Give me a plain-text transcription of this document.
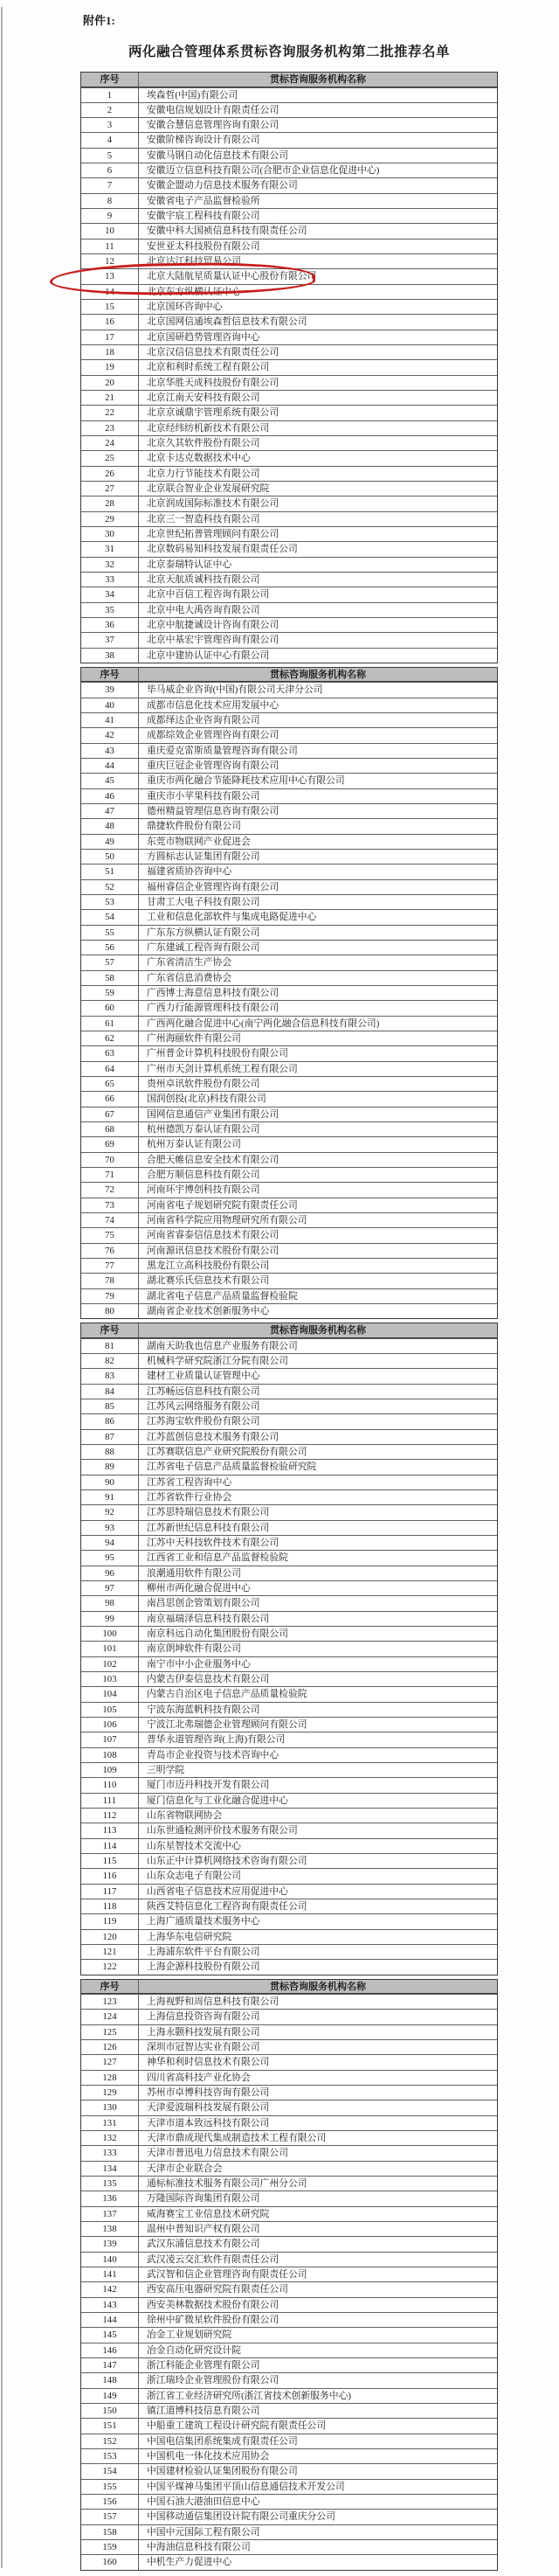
附件1:
两化融合管理体系贯标咨询服务机构第二批推荐名单
序号	贯标咨询服务机构名称
1	埃森哲(中国)有限公司
2	安徽电信规划设计有限责任公司
3	安徽合慧信息管理咨询有限公司
4	安徽阶梯咨询设计有限公司
5	安徽马钢自动化信息技术有限公司
6	安徽迈立信息科技有限公司(合肥市企业信息化促进中心)
7	安徽企盟动力信息技术服务有限公司
8	安徽省电子产品监督检验所
9	安徽宇宸工程科技有限公司
10	安徽中科大国祯信息科技有限责任公司
11	安世亚太科技股份有限公司
12	北京达江科技贸易公司
13	北京大陆航星质量认证中心股份有限公司
14	北京东方纵横认证中心
15	北京国环咨询中心
16	北京国网信通埃森哲信息技术有限公司
17	北京国研趋势管理咨询中心
18	北京汉信信息技术有限责任公司
19	北京和利时系统工程有限公司
20	北京华胜天成科技股份有限公司
21	北京江南天安科技有限公司
22	北京京诚鼎宇管理系统有限公司
23	北京经纬纺机新技术有限公司
24	北京久其软件股份有限公司
25	北京卡达克数据技术中心
26	北京力行节能技术有限公司
27	北京联合智业企业发展研究院
28	北京润成国际标准技术有限公司
29	北京三一智造科技有限公司
30	北京世纪拓普管理顾问有限公司
31	北京数码易知科技发展有限责任公司
32	北京泰瑞特认证中心
33	北京天航质诚科技有限公司
34	北京中百信工程咨询有限公司
35	北京中电大禹咨询有限公司
36	北京中航捷诚设计咨询有限公司
37	北京中基宏宇管理咨询有限公司
38	北京中建协认证中心有限公司
序号	贯标咨询服务机构名称
39	毕马威企业咨询(中国)有限公司天津分公司
40	成都市信息化技术应用发展中心
41	成都绎达企业咨询有限公司
42	成都综效企业管理咨询有限公司
43	重庆爱克雷斯质量管理咨询有限公司
44	重庆巨冠企业管理咨询有限公司
45	重庆市两化融合节能降耗技术应用中心有限公司
46	重庆市小苹果科技有限公司
47	德州精益管理信息咨询有限公司
48	鼎捷软件股份有限公司
49	东莞市物联网产业促进会
50	方圆标志认证集团有限公司
51	福建省质协咨询中心
52	福州睿信企业管理咨询有限公司
53	甘肃工大电子科技有限公司
54	工业和信息化部软件与集成电路促进中心
55	广东东方纵横认证有限公司
56	广东建诚工程咨询有限公司
57	广东省清洁生产协会
58	广东省信息消费协会
59	广西博士海意信息科技有限公司
60	广西力行能源管理科技有限公司
61	广西两化融合促进中心(南宁两化融合信息科技有限公司)
62	广州海颐软件有限公司
63	广州普金计算机科技股份有限公司
64	广州市天剑计算机系统工程有限公司
65	贵州卓讯软件股份有限公司
66	国润创投(北京)科技有限公司
67	国网信息通信产业集团有限公司
68	杭州德凯万泰认证有限公司
69	杭州万泰认证有限公司
70	合肥天帷信息安全技术有限公司
71	合肥万顺信息科技有限公司
72	河南环宇博创科技有限公司
73	河南省电子规划研究院有限责任公司
74	河南省科学院应用物理研究所有限公司
75	河南省睿泰信信息技术有限公司
76	河南源讯信息技术股份有限公司
77	黑龙江立高科技股份有限公司
78	湖北赛乐氏信息技术有限公司
79	湖北省电子信息产品质量监督检验院
80	湖南省企业技术创新服务中心
序号	贯标咨询服务机构名称
81	湖南天助我也信息产业服务有限公司
82	机械科学研究院浙江分院有限公司
83	建材工业质量认证管理中心
84	江苏畅远信息科技有限公司
85	江苏风云网络服务有限公司
86	江苏海宝软件股份有限公司
87	江苏蓝创信息技术服务有限公司
88	江苏赛联信息产业研究院股份有限公司
89	江苏省电子信息产品质量监督检验研究院
90	江苏省工程咨询中心
91	江苏省软件行业协会
92	江苏思特瑞信息技术有限公司
93	江苏新世纪信息科技有限公司
94	江苏中天科技软件技术有限公司
95	江西省工业和信息产品监督检验院
96	浪潮通用软件有限公司
97	柳州市两化融合促进中心
98	南昌思创企管策划有限公司
99	南京福瑞泽信息科技有限公司
100	南京科远自动化集团股份有限公司
101	南京朗坤软件有限公司
102	南宁市中小企业服务中心
103	内蒙古伊泰信息技术有限公司
104	内蒙古自治区电子信息产品质量检验院
105	宁波东海蓝帆科技有限公司
106	宁波江北弗瑞德企业管理顾问有限公司
107	普华永道管理咨询(上海)有限公司
108	青岛市企业投资与技术咨询中心
109	三明学院
110	厦门市迈丹科技开发有限公司
111	厦门信息化与工业化融合促进中心
112	山东省物联网协会
113	山东世通检测评价技术服务有限公司
114	山东星智技术交流中心
115	山东正中计算机网络技术咨询有限公司
116	山东众志电子有限公司
117	山西省电子信息技术应用促进中心
118	陕西艾特信息化工程咨询有限责任公司
119	上海广通质量技术服务中心
120	上海华东电信研究院
121	上海浦东软件平台有限公司
122	上海企源科技股份有限公司
序号	贯标咨询服务机构名称
123	上海视野和周信息科技有限公司
124	上海信息投资咨询有限公司
125	上海永颢科技发展有限公司
126	深圳市冠智达实业有限公司
127	神华和利时信息技术有限公司
128	四川省高科技产业化协会
129	苏州市卓博科技咨询有限公司
130	天津爱波瑞科技发展有限公司
131	天津市道本致远科技有限公司
132	天津市鼎成现代集成制造技术工程有限公司
133	天津市普迅电力信息技术有限公司
134	天津市企业联合会
135	通标标准技术服务有限公司广州分公司
136	万隆国际咨询集团有限公司
137	威海赛宝工业信息技术研究院
138	温州中普知识产权有限公司
139	武汉东浦信息技术有限公司
140	武汉凌云交汇软件有限责任公司
141	武汉智和信企业管理咨询有限责任公司
142	西安高压电器研究院有限责任公司
143	西安美林数据技术股份有限公司
144	徐州中矿微星软件股份有限公司
145	冶金工业规划研究院
146	冶金自动化研究设计院
147	浙江科能企业管理有限公司
148	浙江瑞玲企业管理股份有限公司
149	浙江省工业经济研究所(浙江省技术创新服务中心)
150	镇江道博科技信息有限公司
151	中船重工建筑工程设计研究院有限责任公司
152	中国电信集团系统集成有限责任公司
153	中国机电一体化技术应用协会
154	中国建材检验认证集团股份有限公司
155	中国平煤神马集团平顶山信息通信技术开发公司
156	中国石油大港油田信息中心
157	中国移动通信集团设计院有限公司重庆分公司
158	中国中元国际工程有限公司
159	中海油信息科技有限公司
160	中机生产力促进中心
